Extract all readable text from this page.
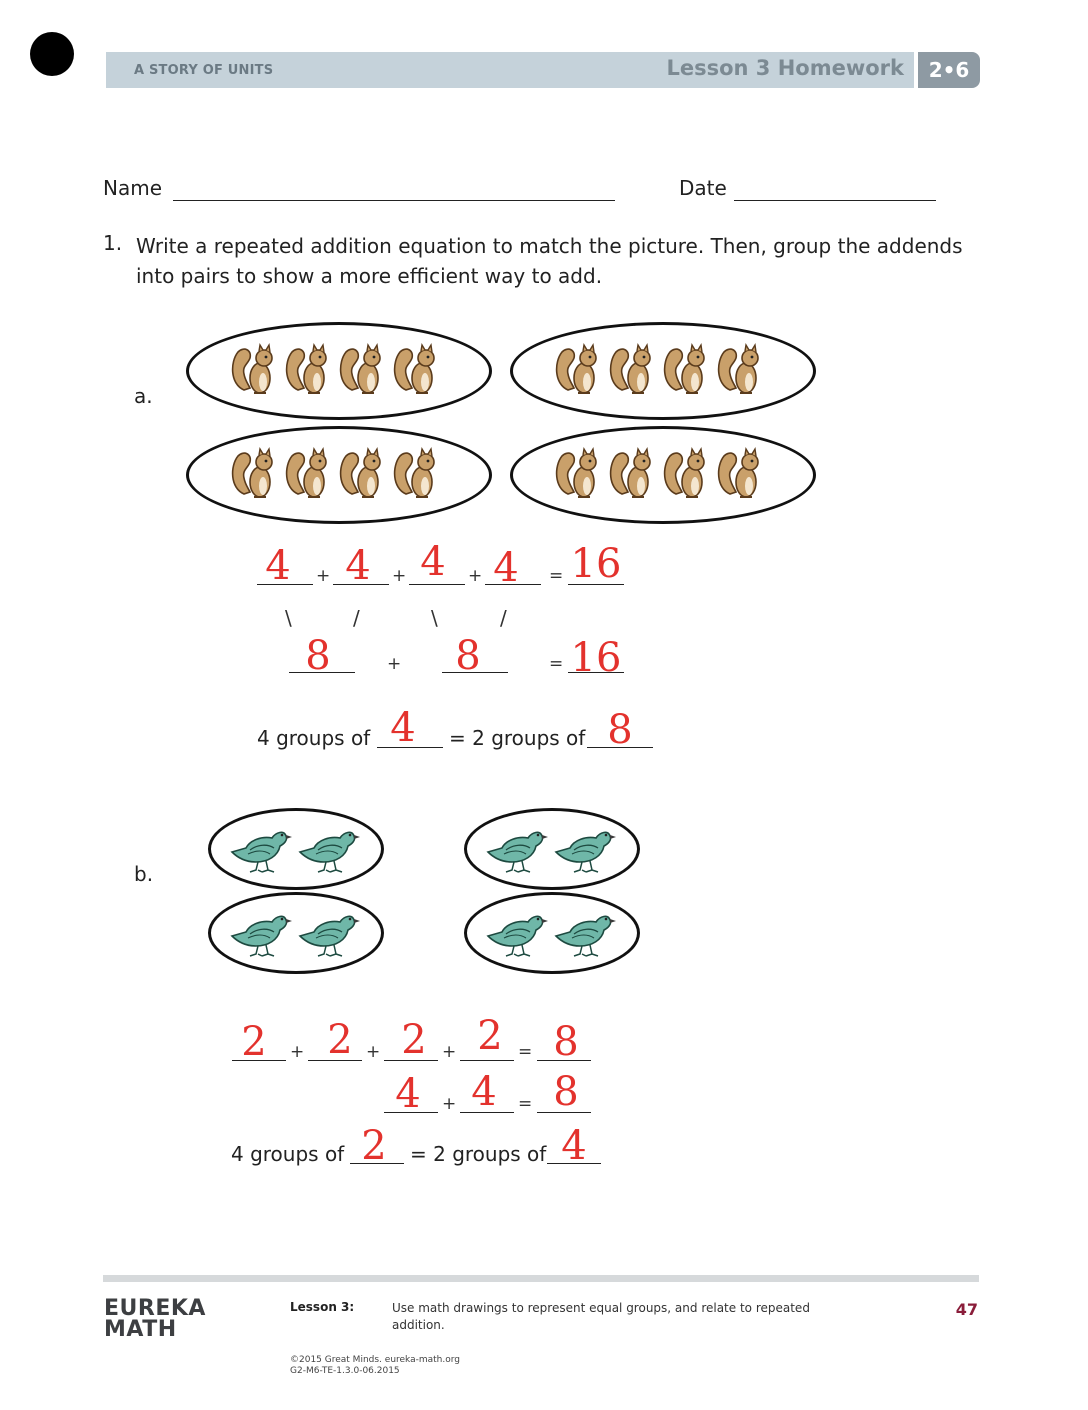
A STORY OF UNITS	Lesson 3 Homework	2•6
Name	Date
1. Write a repeated addition equation to match the picture. Then, group the addends into pairs to show a more efficient way to add.
a.
4	+ 4	+ 4	+ 4	= 16
\	/	\	/
8	+	8	= 16
4 groups of 4	= 2 groups of 8
b.
2	+ 2 + 2 + 2 = 8
4	+ 4	= 8
4 groups of 2	= 2 groups of 4
EUREKA
MATH
Lesson 3:	Use math drawings to represent equal groups, and relate to repeated addition.
47
©2015 Great Minds. eureka-math.org
G2-M6-TE-1.3.0-06.2015
